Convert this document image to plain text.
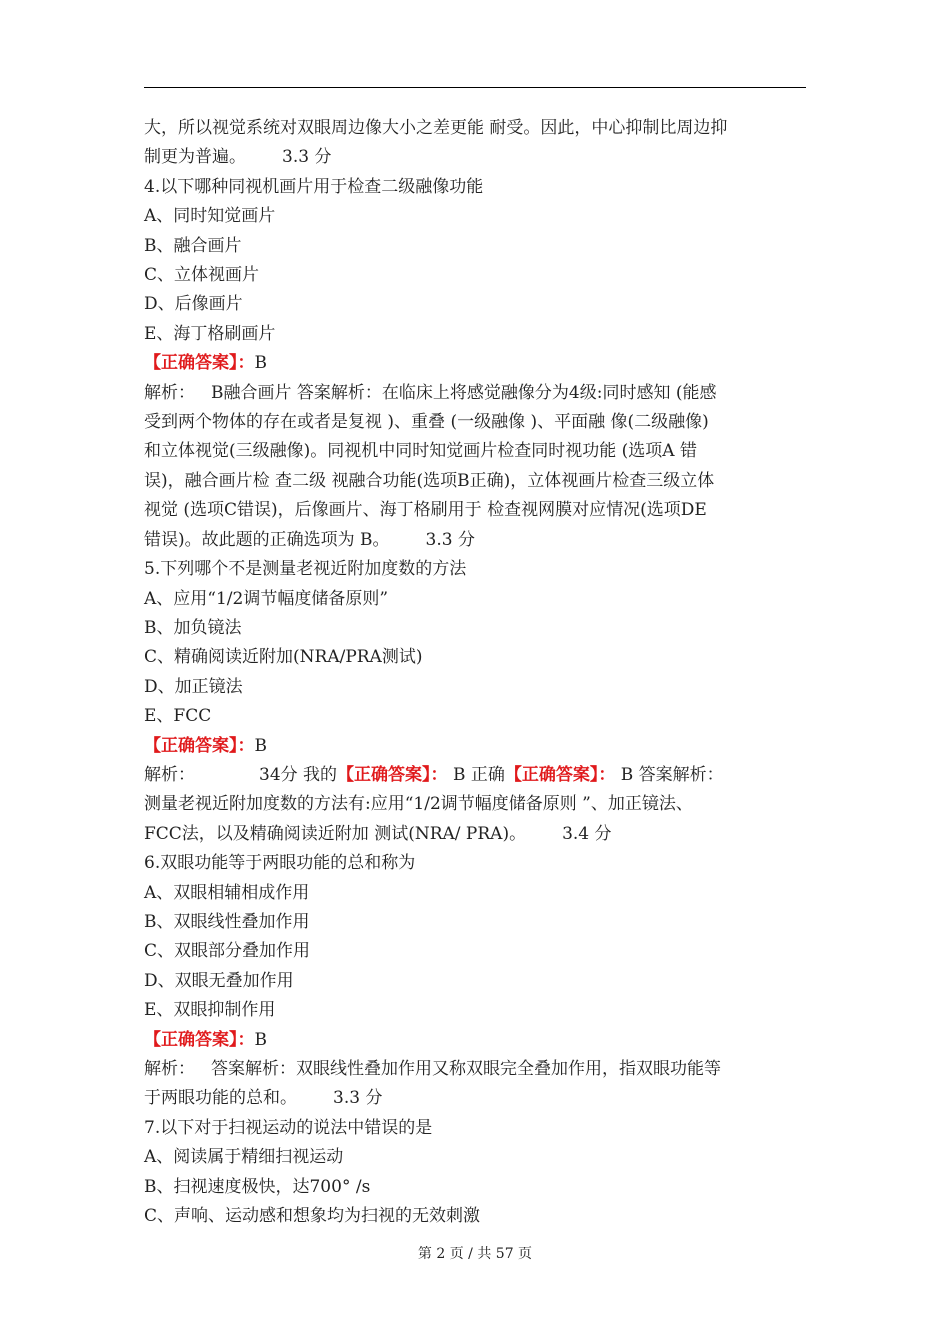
大，所以视觉系统对双眼周边像大小之差更能 耐受。因此，中心抑制比周边抑

制更为普遍。 3.3 分

4.以下哪种同视机画片用于检查二级融像功能

A、同时知觉画片

B、融合画片

C、立体视画片

D、后像画片

E、海丁格刷画片

【正确答案】：B

解析： B融合画片 答案解析：在临床上将感觉融像分为4级:同时感知 (能感

受到两个物体的存在或者是复视 )、重叠 (一级融像 )、平面融 像(二级融像)

和立体视觉(三级融像)。同视机中同时知觉画片检查同时视功能 (选项A 错

误)，融合画片检 查二级 视融合功能(选项B正确)，立体视画片检查三级立体

视觉 (选项C错误)，后像画片、海丁格刷用于 检查视网膜对应情况(选项DE

错误)。故此题的正确选项为 B。 3.3 分

5.下列哪个不是测量老视近附加度数的方法

A、应用“1/2调节幅度储备原则”

B、加负镜法

C、精确阅读近附加(NRA/PRA测试)

D、加正镜法

E、FCC

【正确答案】：B

解析：	34分 我的【正确答案】： B 正确【正确答案】： B 答案解析：

测量老视近附加度数的方法有:应用“1/2调节幅度储备原则 ”、加正镜法、

FCC法，以及精确阅读近附加 测试(NRA/ PRA)。 3.4 分

6.双眼功能等于两眼功能的总和称为

A、双眼相辅相成作用

B、双眼线性叠加作用

C、双眼部分叠加作用

D、双眼无叠加作用

E、双眼抑制作用

【正确答案】：B

解析： 答案解析：双眼线性叠加作用又称双眼完全叠加作用，指双眼功能等

于两眼功能的总和。 3.3 分

7.以下对于扫视运动的说法中错误的是

A、阅读属于精细扫视运动

B、扫视速度极快，达700° /s

C、声响、运动感和想象均为扫视的无效刺激

第 2 页 / 共 57 页
